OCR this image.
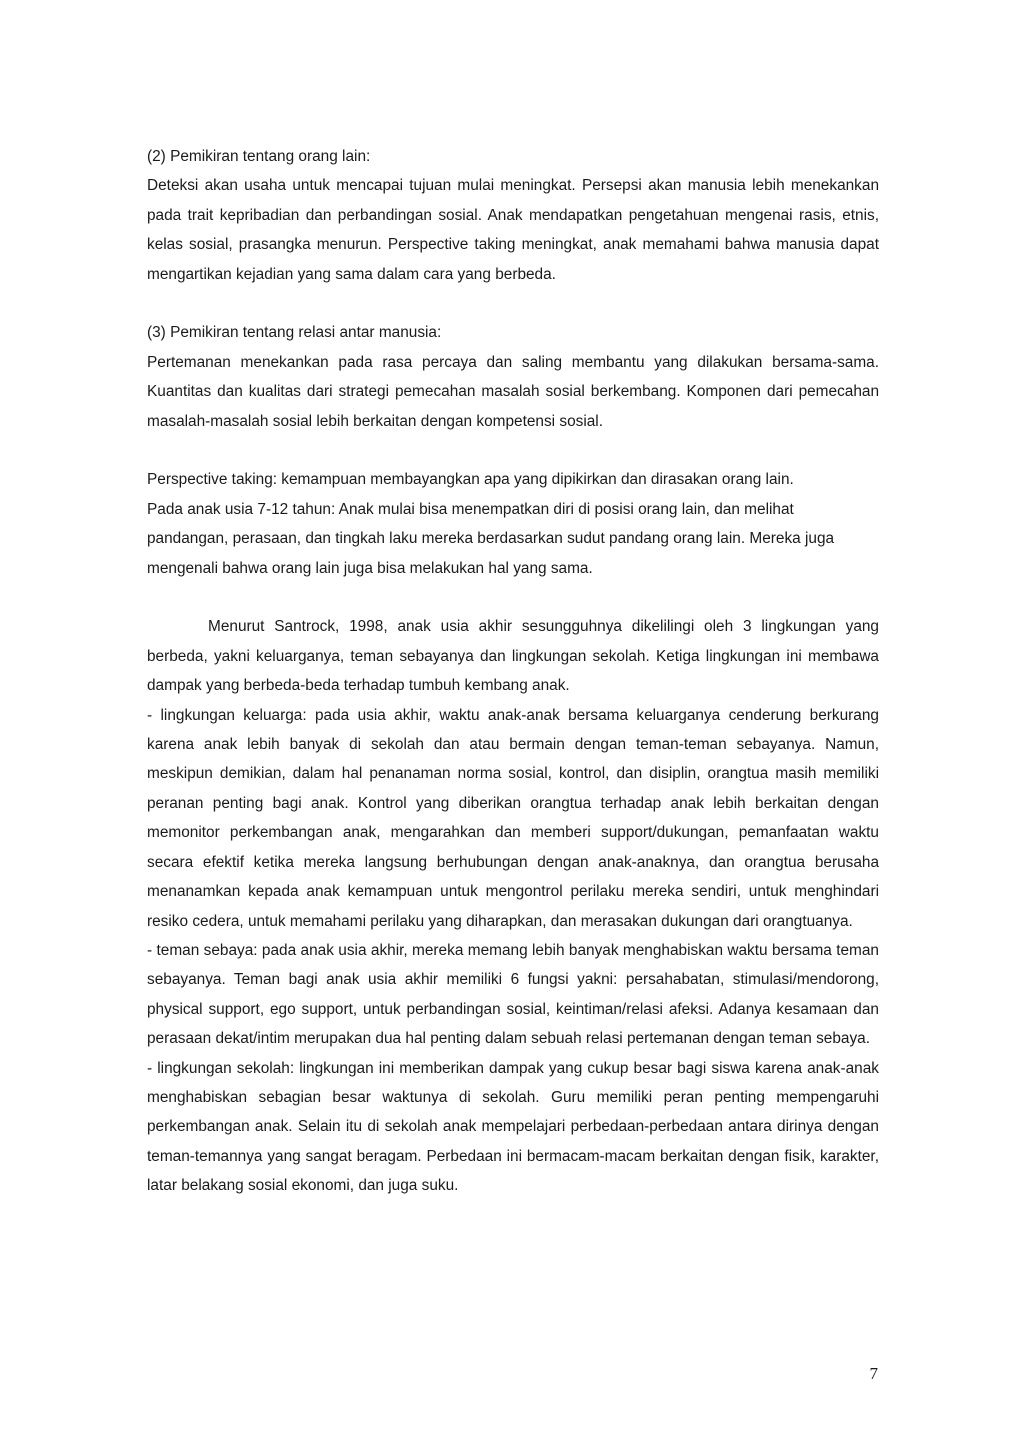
(2) Pemikiran tentang orang lain:

Deteksi akan usaha untuk mencapai tujuan mulai meningkat. Persepsi akan manusia lebih menekankan pada trait kepribadian dan perbandingan sosial. Anak mendapatkan pengetahuan mengenai rasis, etnis, kelas sosial, prasangka menurun. Perspective taking meningkat, anak memahami bahwa manusia dapat mengartikan kejadian yang sama dalam cara yang berbeda.

(3) Pemikiran tentang relasi antar manusia:

Pertemanan menekankan pada rasa percaya dan saling membantu yang dilakukan bersama-sama. Kuantitas dan kualitas dari strategi pemecahan masalah sosial berkembang. Komponen dari pemecahan masalah-masalah sosial lebih berkaitan dengan kompetensi sosial.

Perspective taking: kemampuan membayangkan apa yang dipikirkan dan dirasakan orang lain.

Pada anak usia 7-12 tahun: Anak mulai bisa menempatkan diri di posisi orang lain, dan melihat pandangan, perasaan, dan tingkah laku mereka berdasarkan sudut pandang orang lain. Mereka juga mengenali bahwa orang lain juga bisa melakukan hal yang sama.

Menurut Santrock, 1998, anak usia akhir sesungguhnya dikelilingi oleh 3 lingkungan yang berbeda, yakni keluarganya, teman sebayanya dan lingkungan sekolah. Ketiga lingkungan ini membawa dampak yang berbeda-beda terhadap tumbuh kembang anak.

- lingkungan keluarga: pada usia akhir, waktu anak-anak bersama keluarganya cenderung berkurang karena anak lebih banyak di sekolah dan atau bermain dengan teman-teman sebayanya. Namun, meskipun demikian, dalam hal penanaman norma sosial, kontrol, dan disiplin, orangtua masih memiliki peranan penting bagi anak. Kontrol yang diberikan orangtua terhadap anak lebih berkaitan dengan memonitor perkembangan anak, mengarahkan dan memberi support/dukungan, pemanfaatan waktu secara efektif ketika mereka langsung berhubungan dengan anak-anaknya, dan orangtua berusaha menanamkan kepada anak kemampuan untuk mengontrol perilaku mereka sendiri, untuk menghindari resiko cedera, untuk memahami perilaku yang diharapkan, dan merasakan dukungan dari orangtuanya.

- teman sebaya: pada anak usia akhir, mereka memang lebih banyak menghabiskan waktu bersama teman sebayanya. Teman bagi anak usia akhir memiliki 6 fungsi yakni: persahabatan, stimulasi/mendorong, physical support, ego support, untuk perbandingan sosial, keintiman/relasi afeksi. Adanya kesamaan dan perasaan dekat/intim merupakan dua hal penting dalam sebuah relasi pertemanan dengan teman sebaya.

- lingkungan sekolah: lingkungan ini memberikan dampak yang cukup besar bagi siswa karena anak-anak menghabiskan sebagian besar waktunya di sekolah. Guru memiliki peran penting mempengaruhi perkembangan anak. Selain itu di sekolah anak mempelajari perbedaan-perbedaan antara dirinya dengan teman-temannya yang sangat beragam. Perbedaan ini bermacam-macam berkaitan dengan fisik, karakter, latar belakang sosial ekonomi, dan juga suku.

7
